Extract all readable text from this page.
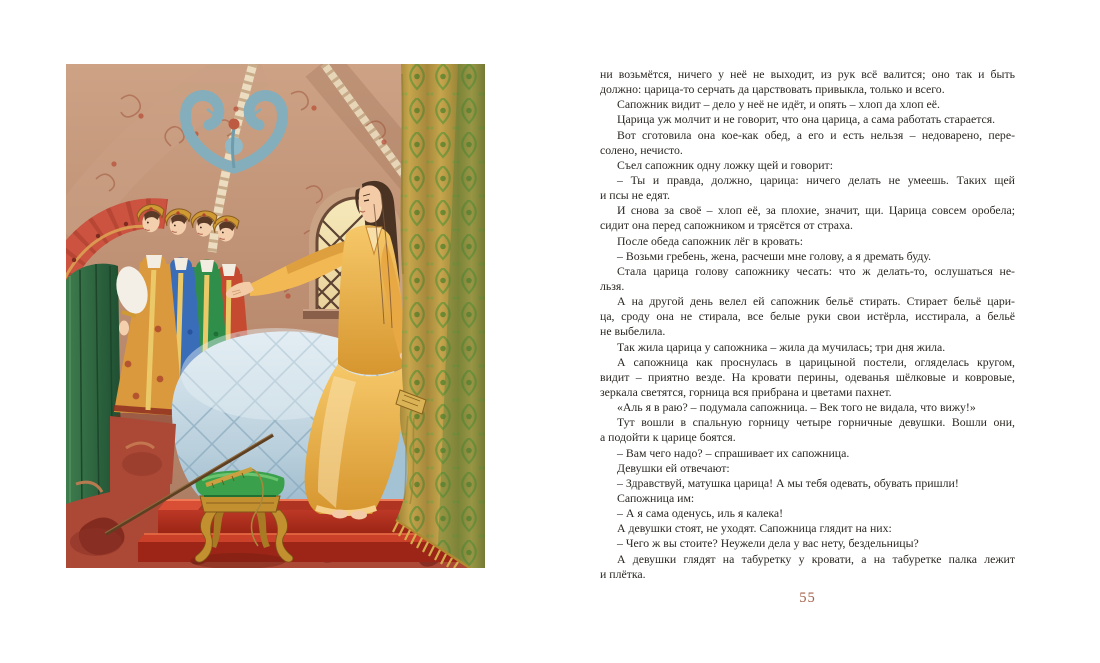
ни возьмётся, ничего у неё не выходит, из рук всё валится; оно так и быть
должно: царица-то серчать да царствовать привыкла, только и всего.
Сапожник видит – дело у неё не идёт, и опять – хлоп да хлоп её.
Царица уж молчит и не говорит, что она царица, а сама работать старается.
Вот сготовила она кое-как обед, а его и есть нельзя – недоварено, пере-
солено, нечисто.
Съел сапожник одну ложку щей и говорит:
– Ты и правда, должно, царица: ничего делать не умеешь. Таких щей
и псы не едят.
И снова за своё – хлоп её, за плохие, значит, щи. Царица совсем оробела;
сидит она перед сапожником и трясётся от страха.
После обеда сапожник лёг в кровать:
– Возьми гребень, жена, расчеши мне голову, а я дремать буду.
Стала царица голову сапожнику чесать: что ж делать-то, ослушаться не-
льзя.
А на другой день велел ей сапожник бельё стирать. Стирает бельё цари-
ца, сроду она не стирала, все белые руки свои истёрла, исстирала, а бельё
не выбелила.
Так жила царица у сапожника – жила да мучилась; три дня жила.
А сапожница как проснулась в царицыной постели, огляделась кругом,
видит – приятно везде. На кровати перины, одеванья шёлковые и ковровые,
зеркала светятся, горница вся прибрана и цветами пахнет.
«Аль я в раю? – подумала сапожница. – Век того не видала, что вижу!»
Тут вошли в спальную горницу четыре горничные девушки. Вошли они,
а подойти к царице боятся.
– Вам чего надо? – спрашивает их сапожница.
Девушки ей отвечают:
– Здравствуй, матушка царица! А мы тебя одевать, обувать пришли!
Сапожница им:
– А я сама оденусь, иль я калека!
А девушки стоят, не уходят. Сапожница глядит на них:
– Чего ж вы стоите? Неужели дела у вас нету, бездельницы?
А девушки глядят на табуретку у кровати, а на табуретке палка лежит
и плётка.
55
